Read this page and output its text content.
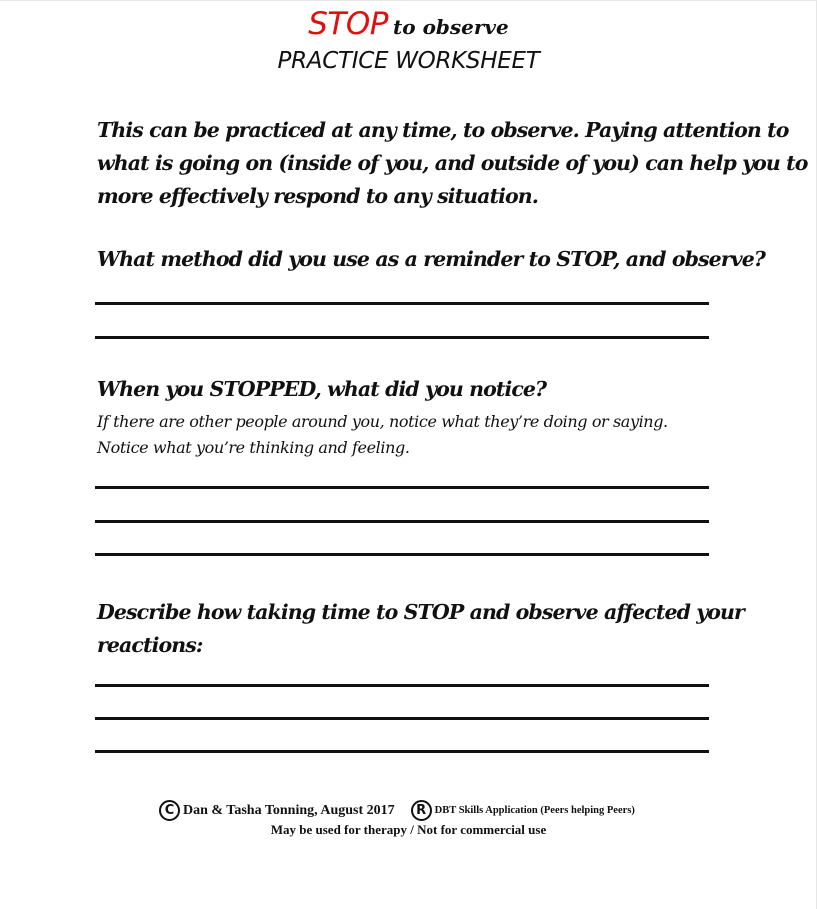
STOP to observe
PRACTICE WORKSHEET
This can be practiced at any time, to observe. Paying attention to
what is going on (inside of you, and outside of you) can help you to
more effectively respond to any situation.
What method did you use as a reminder to STOP, and observe?
When you STOPPED, what did you notice?
If there are other people around you, notice what they’re doing or saying.
Notice what you’re thinking and feeling.
Describe how taking time to STOP and observe affected your
reactions:
C Dan & Tasha Tonning, August 2017 R DBT Skills Application (Peers helping Peers)
May be used for therapy / Not for commercial use
